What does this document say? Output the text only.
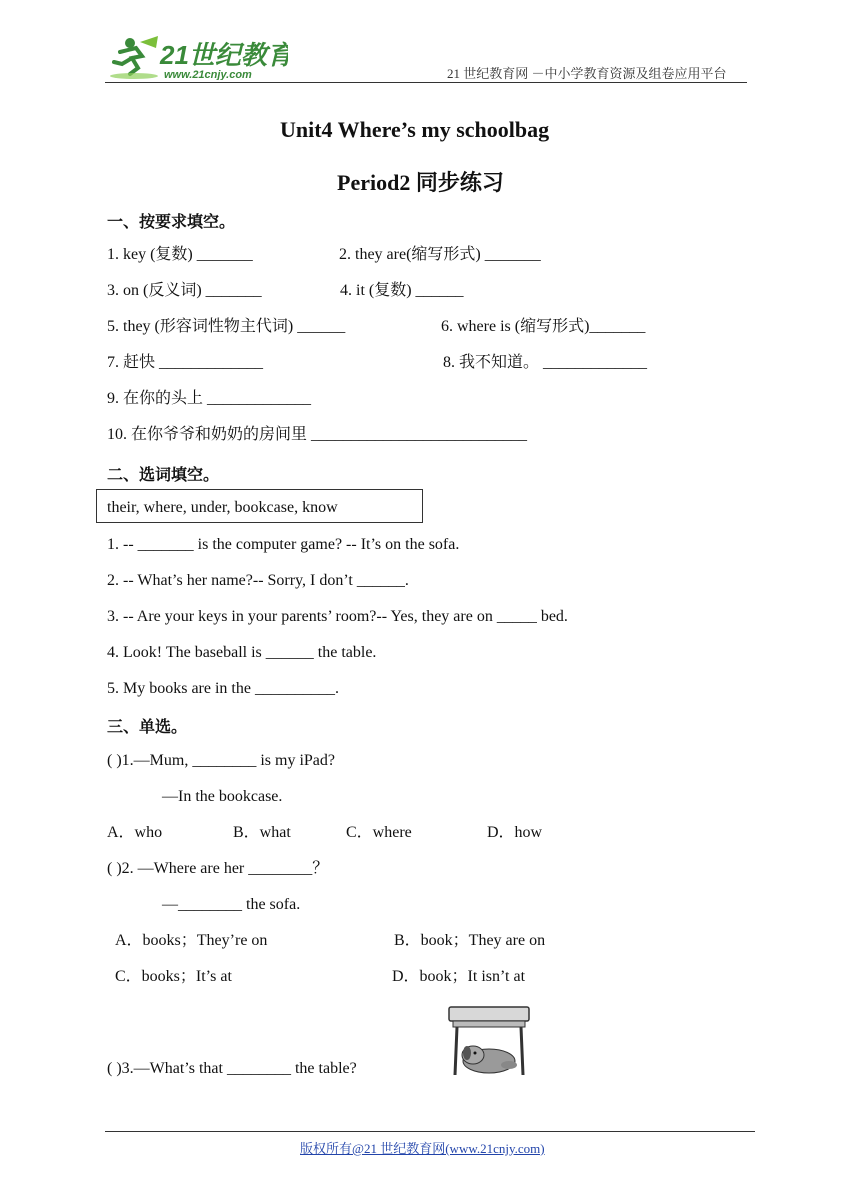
21世纪教育
www.21cnjy.com	21 世纪教育网 －中小学教育资源及组卷应用平台
Unit4 Where’s my schoolbag
Period2 同步练习
一、按要求填空。
1. key (复数) _______	2. they are(缩写形式) _______
3. on (反义词) _______	4. it (复数) ______
5. they (形容词性物主代词) ______	6. where is (缩写形式)_______
7. 赶快 _____________	8. 我不知道。 _____________
9. 在你的头上 _____________
10. 在你爷爷和奶奶的房间里 ___________________________
二、选词填空。
their, where, under, bookcase, know
1. -- _______ is the computer game? -- It’s on the sofa.
2. -- What’s her name?-- Sorry, I don’t ______.
3. -- Are your keys in your parents’ room?-- Yes, they are on _____ bed.
4. Look! The baseball is ______ the table.
5. My books are in the __________.
三、单选。
( )1.—Mum, ________ is my iPad?
—In the bookcase.
A．who	B．what	C．where	D．how
( )2. —Where are her ________？
—________ the sofa.
A．books；They’re on	B．book；They are on
C．books；It’s at	D．book；It isn’t at
( )3.—What’s that ________ the table?
版权所有@21 世纪教育网(www.21cnjy.com)
